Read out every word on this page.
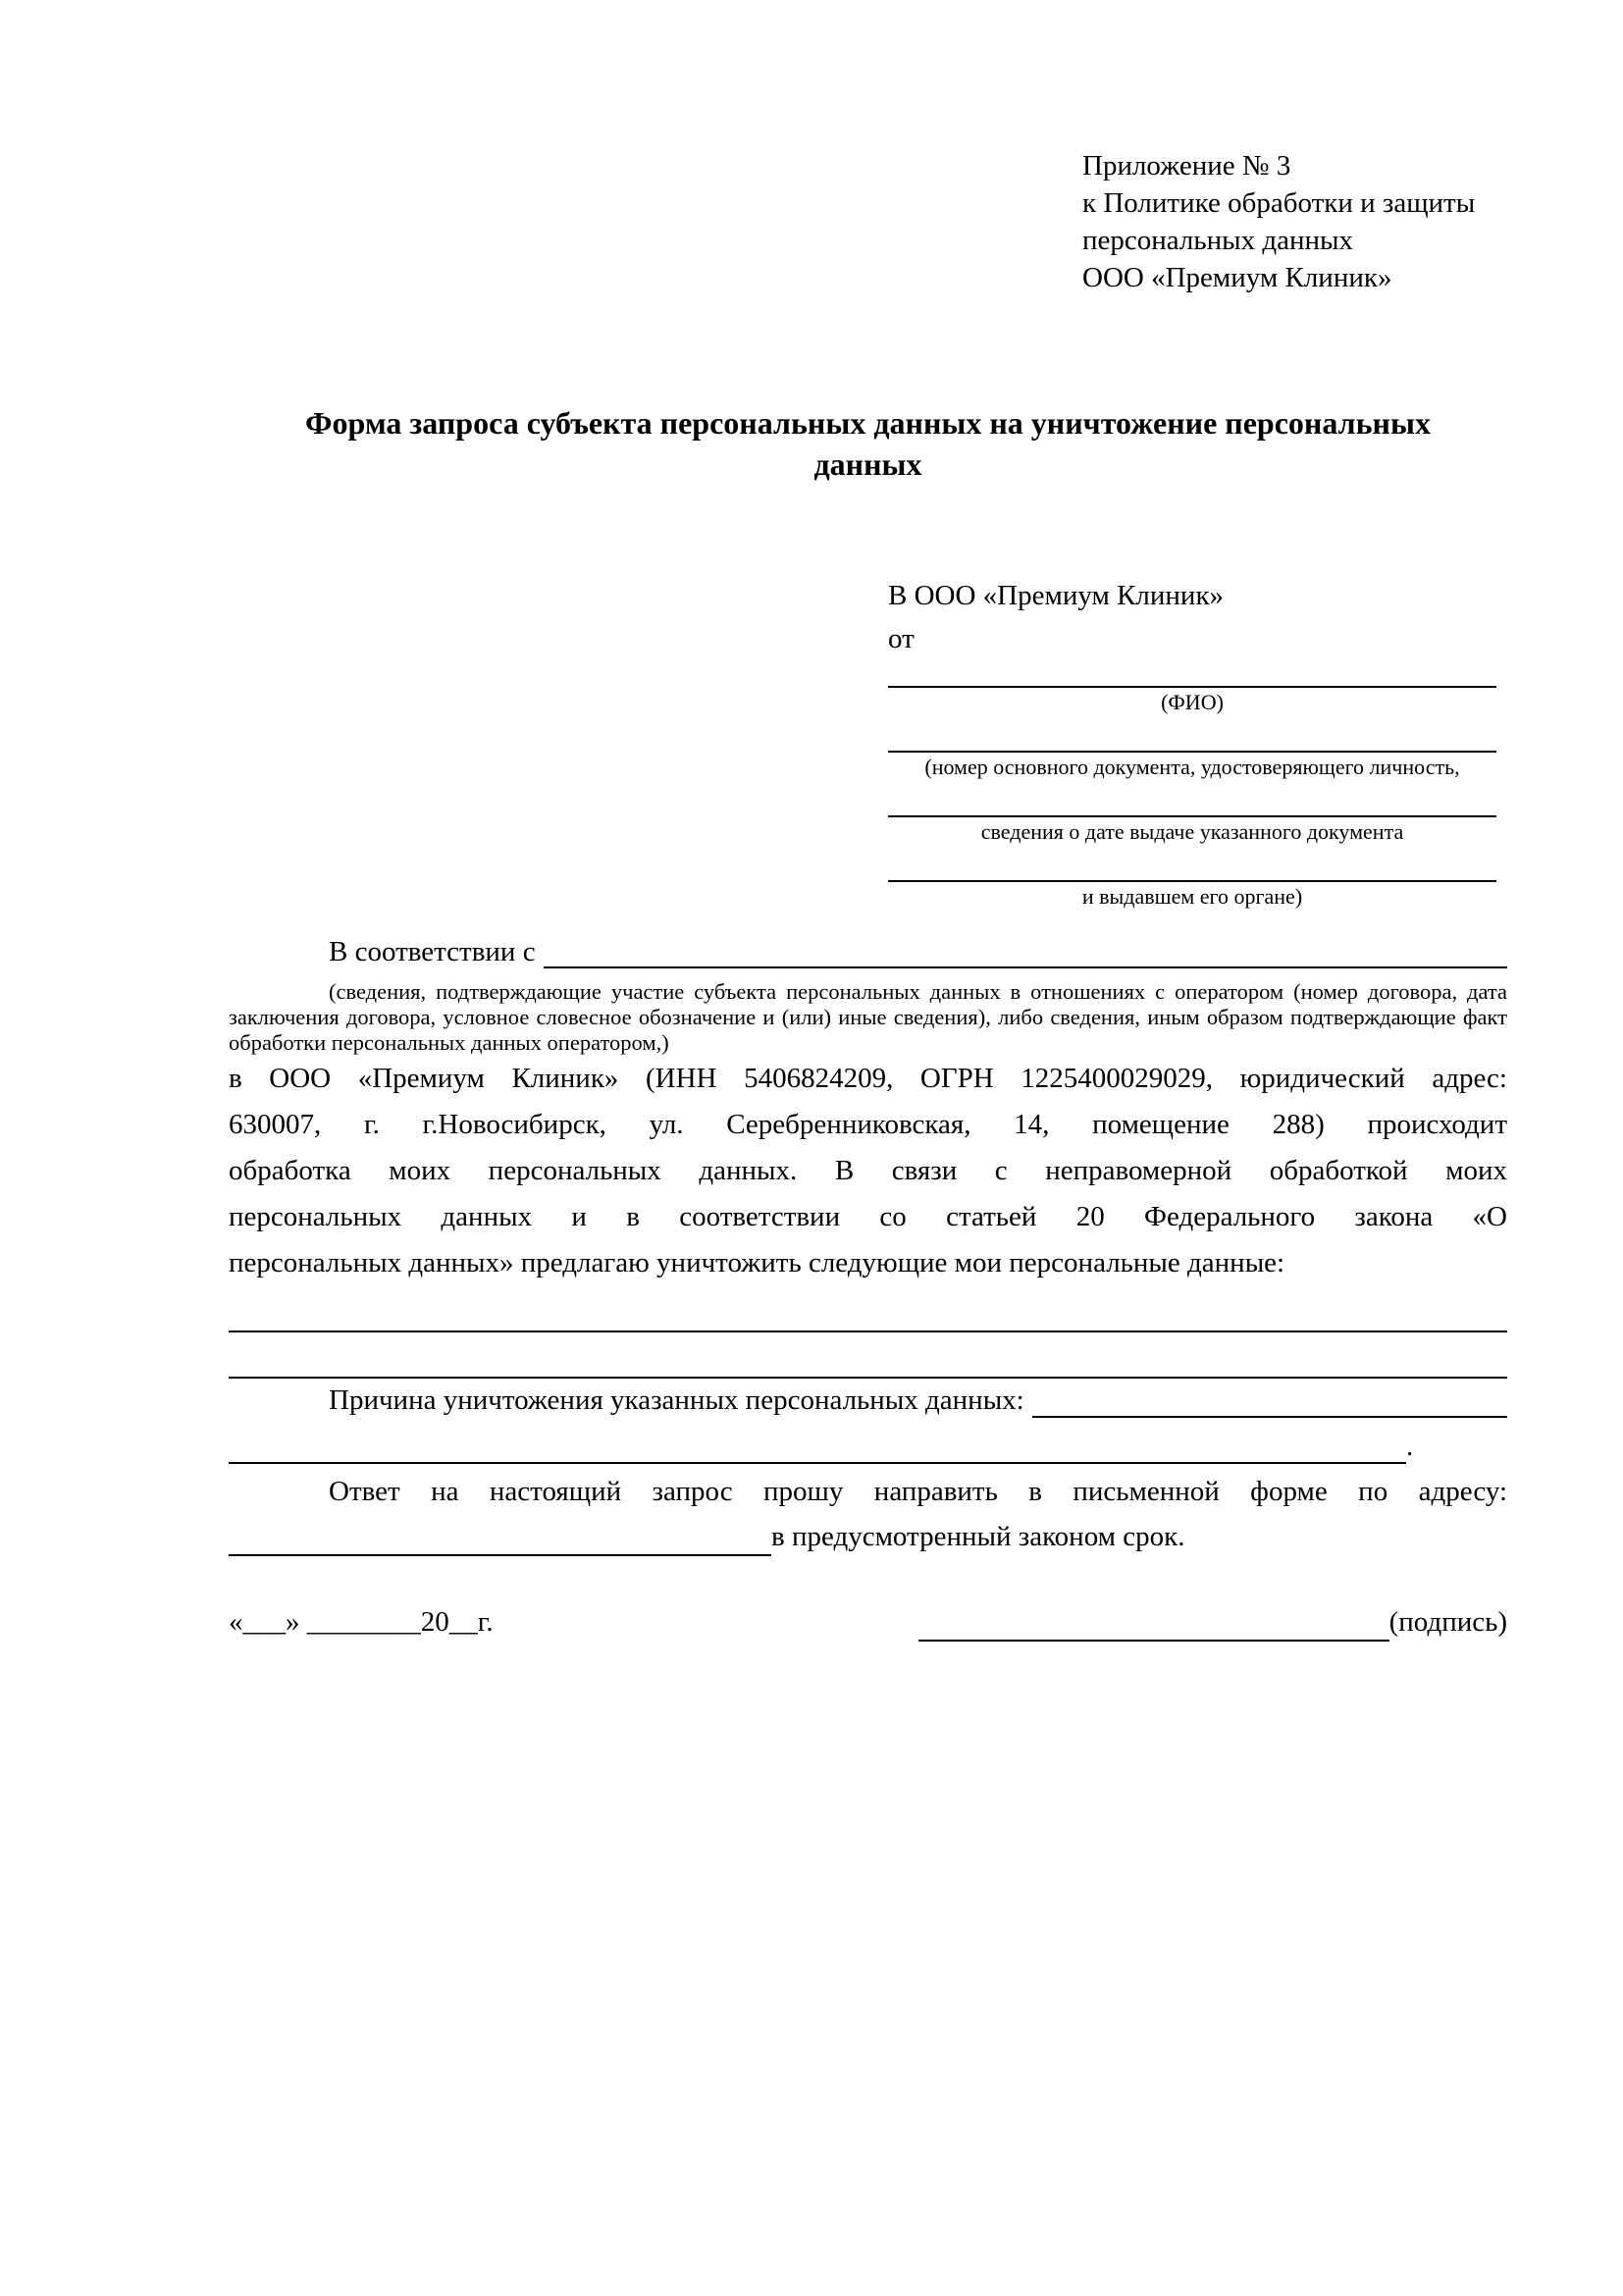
Приложение № 3
к Политике обработки и защиты
персональных данных
ООО «Премиум Клиник»
Форма запроса субъекта персональных данных на уничтожение персональных данных
В ООО «Премиум Клиник»
от
(ФИО)
(номер основного документа, удостоверяющего личность,
сведения о дате выдаче указанного документа
и выдавшем его органе)
В соответствии с
(сведения, подтверждающие участие субъекта персональных данных в отношениях с оператором (номер договора, дата
заключения договора, условное словесное обозначение и (или) иные сведения), либо сведения, иным образом подтверждающие факт
обработки персональных данных оператором,)
в ООО «Премиум Клиник» (ИНН 5406824209, ОГРН 1225400029029, юридический адрес:
630007, г. г.Новосибирск, ул. Серебренниковская, 14, помещение 288) происходит
обработка моих персональных данных. В связи с неправомерной обработкой моих
персональных данных и в соответствии со статьей 20 Федерального закона «О
персональных данных» предлагаю уничтожить следующие мои персональные данные:
Причина уничтожения указанных персональных данных:
.
Ответ на настоящий запрос прошу направить в письменной форме по адресу:
в предусмотренный законом срок.
«___» ________20__г.	(подпись)
